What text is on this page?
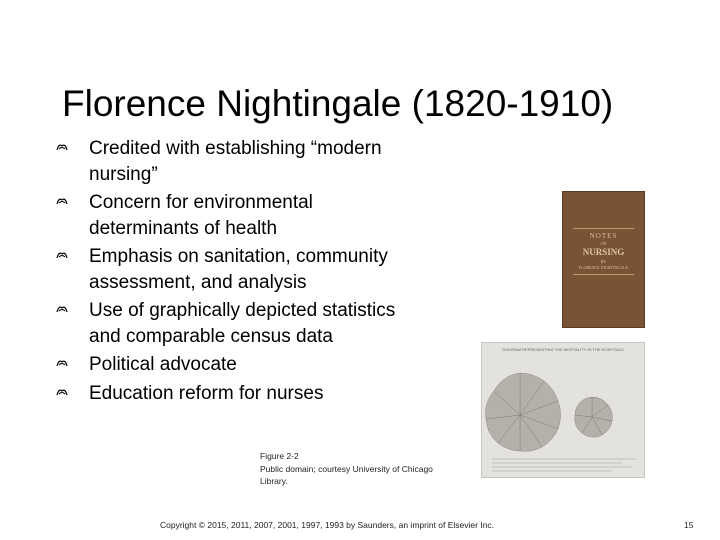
Florence Nightingale (1820-1910)
Credited with establishing “modern nursing”
Concern for environmental determinants of health
Emphasis on sanitation, community assessment, and analysis
Use of graphically depicted statistics and comparable census data
Political advocate
Education reform for nurses
NOTES
ON
NURSING
BY
FLORENCE NIGHTINGALE
DIAGRAM REPRESENTING THE MORTALITY IN THE HOSPITALS
Figure 2-2
Public domain; courtesy University of Chicago
Library.
Copyright © 2015, 2011, 2007, 2001, 1997, 1993 by Saunders, an imprint of Elsevier Inc.	15
